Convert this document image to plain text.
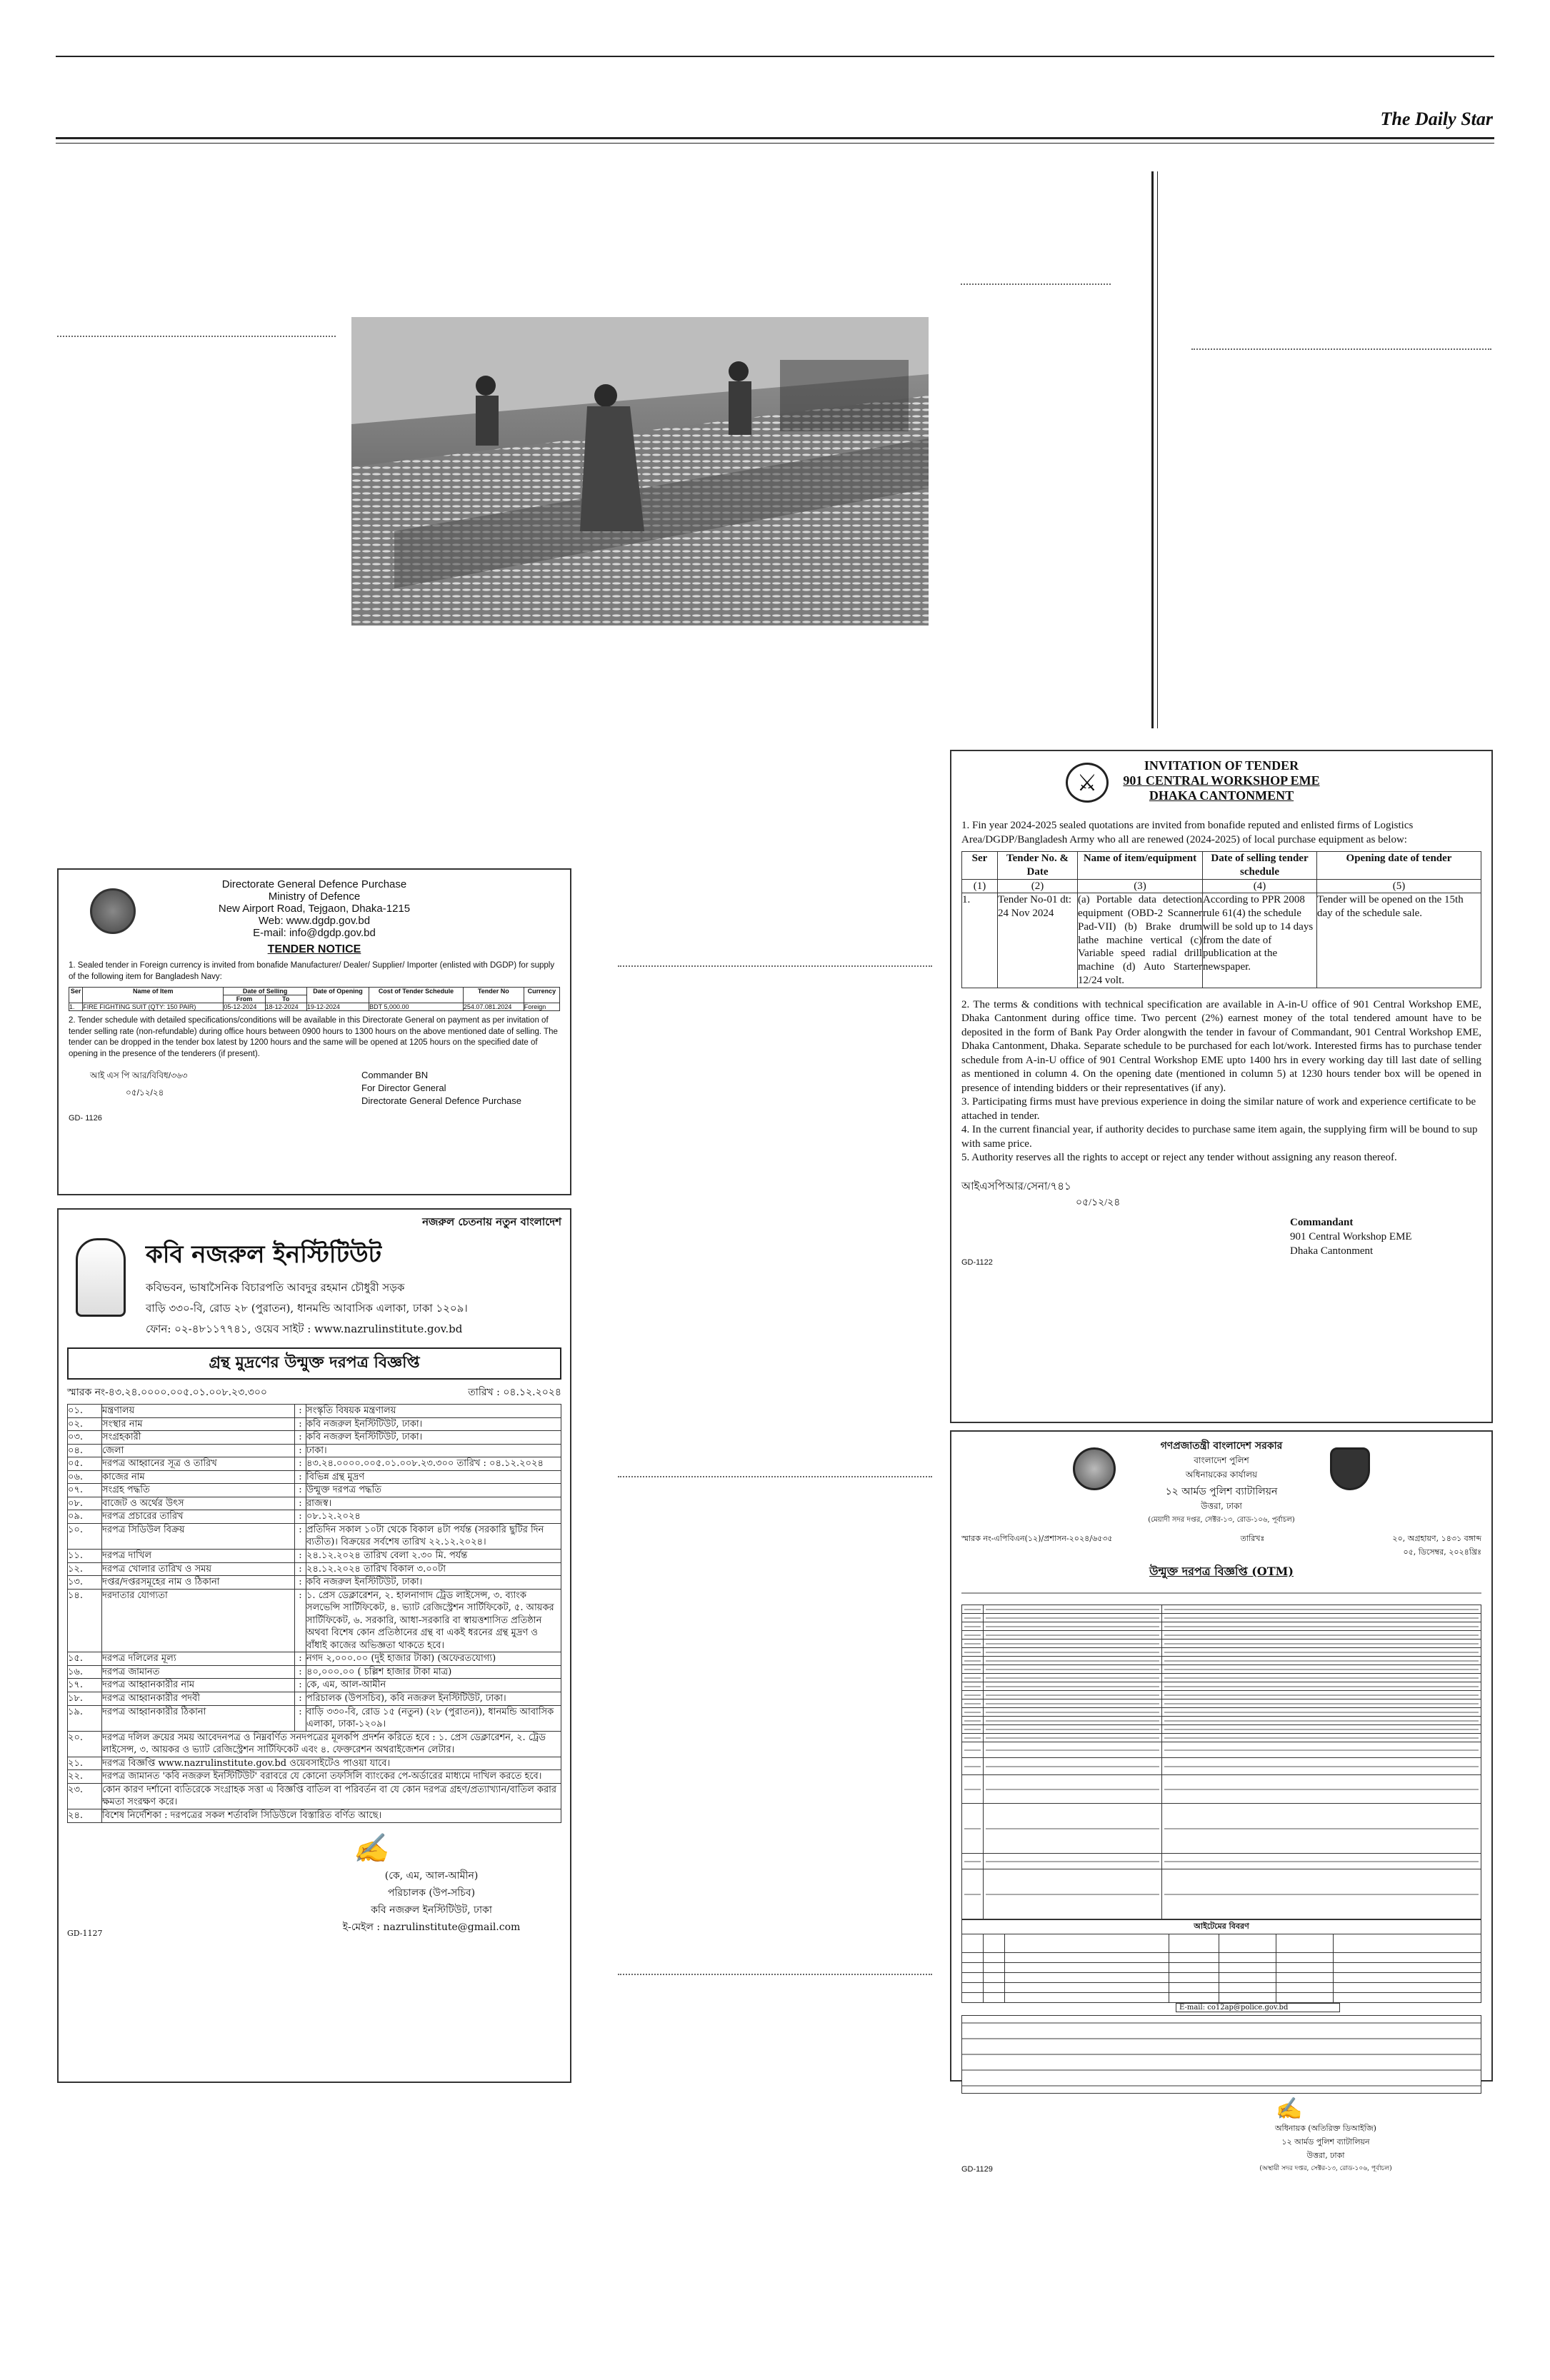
The Daily Star
Directorate General Defence Purchase
Ministry of Defence
New Airport Road, Tejgaon, Dhaka-1215
Web: www.dgdp.gov.bd
E-mail: info@dgdp.gov.bd
TENDER NOTICE
1. Sealed tender in Foreign currency is invited from bonafide Manufacturer/ Dealer/ Supplier/ Importer (enlisted with DGDP) for supply of the following item for Bangladesh Navy:
Ser	Name of Item	Date of Selling		Date of Opening	Cost of Tender Schedule	Tender No	Currency
		From	To				
1.	FIRE FIGHTING SUIT (QTY: 150 PAIR)	05-12-2024	18-12-2024	19-12-2024	BDT 5,000.00	254.07.081.2024	Foreign
2. Tender schedule with detailed specifications/conditions will be available in this Directorate General on payment as per invitation of tender selling rate (non-refundable) during office hours between 0900 hours to 1300 hours on the above mentioned date of selling. The tender can be dropped in the tender box latest by 1200 hours and the same will be opened at 1205 hours on the specified date of opening in the presence of the tenderers (if present).
আই এস পি আর/বিবিধ/৩৬৩
০৫/১২/২৪
Commander BN
For Director General
Directorate General Defence Purchase
GD- 1126
নজরুল চেতনায় নতুন বাংলাদেশ
কবি নজরুল ইনস্টিটিউট
কবিভবন, ভাষাসৈনিক বিচারপতি আবদুর রহমান চৌধুরী সড়ক
বাড়ি ৩৩০-বি, রোড ২৮ (পুরাতন), ধানমন্ডি আবাসিক এলাকা, ঢাকা ১২০৯।
ফোন: ০২-৪৮১১৭৭৪১, ওয়েব সাইট : www.nazrulinstitute.gov.bd
গ্রন্থ মুদ্রণের উন্মুক্ত দরপত্র বিজ্ঞপ্তি
স্মারক নং-৪৩.২৪.০০০০.০০৫.০১.০০৮.২৩.৩০০	তারিখ : ০৪.১২.২০২৪
০১.	মন্ত্রণালয়	:	সংস্কৃতি বিষয়ক মন্ত্রণালয়
০২.	সংস্থার নাম	:	কবি নজরুল ইনস্টিটিউট, ঢাকা।
০৩.	সংগ্রহকারী	:	কবি নজরুল ইনস্টিটিউট, ঢাকা।
০৪.	জেলা	:	ঢাকা।
০৫.	দরপত্র আহ্বানের সূত্র ও তারিখ	:	৪৩.২৪.০০০০.০০৫.০১.০০৮.২৩.৩০০ তারিখ : ০৪.১২.২০২৪
০৬.	কাজের নাম	:	বিভিন্ন গ্রন্থ মুদ্রণ
০৭.	সংগ্রহ পদ্ধতি	:	উন্মুক্ত দরপত্র পদ্ধতি
০৮.	বাজেট ও অর্থের উৎস	:	রাজস্ব।
০৯.	দরপত্র প্রচারের তারিখ	:	০৮.১২.২০২৪
১০.	দরপত্র সিডিউল বিক্রয়	:	প্রতিদিন সকাল ১০টা থেকে বিকাল ৪টা পর্যন্ত (সরকারি ছুটির দিন ব্যতীত)। বিক্রয়ের সর্বশেষ তারিখ ২২.১২.২০২৪।
১১.	দরপত্র দাখিল	:	২৪.১২.২০২৪ তারিখ বেলা ২.৩০ মি. পর্যন্ত
১২.	দরপত্র খোলার তারিখ ও সময়	:	২৪.১২.২০২৪ তারিখ বিকাল ৩.০০টা
১৩.	দপ্তর/দপ্তরসমূহের নাম ও ঠিকানা	:	কবি নজরুল ইনস্টিটিউট, ঢাকা।
১৪.	দরদাতার যোগ্যতা	:	১. প্রেস ডেক্লারেশন, ২. হালনাগাদ ট্রেড লাইসেন্স, ৩. ব্যাংক সলভেন্সি সার্টিফিকেট, ৪. ভ্যাট রেজিস্ট্রেশন সার্টিফিকেট, ৫. আয়কর সার্টিফিকেট, ৬. সরকারি, আধা-সরকারি বা স্বায়ত্তশাসিত প্রতিষ্ঠান অথবা বিশেষ কোন প্রতিষ্ঠানের গ্রন্থ বা একই ধরনের গ্রন্থ মুদ্রণ ও বাঁধাই কাজের অভিজ্ঞতা থাকতে হবে।
১৫.	দরপত্র দলিলের মূল্য	:	নগদ ২,০০০.০০ (দুই হাজার টাকা) (অফেরতযোগ্য)
১৬.	দরপত্র জামানত	:	৪০,০০০.০০ ( চল্লিশ হাজার টাকা মাত্র)
১৭.	দরপত্র আহ্বানকারীর নাম	:	কে, এম, আল-আমীন
১৮.	দরপত্র আহ্বানকারীর পদবী	:	পরিচালক (উপসচিব), কবি নজরুল ইনস্টিটিউট, ঢাকা।
১৯.	দরপত্র আহ্বানকারীর ঠিকানা	:	বাড়ি ৩৩০-বি, রোড ১৫ (নতুন) (২৮ (পুরাতন)), ধানমন্ডি আবাসিক এলাকা, ঢাকা-১২০৯।
২০.	দরপত্র দলিল ক্রয়ের সময় আবেদনপত্র ও নিম্নবর্ণিত সনদপত্রের মূলকপি প্রদর্শন করিতে হবে : ১. প্রেস ডেক্লারেশন, ২. ট্রেড লাইসেন্স, ৩. আয়কর ও ভ্যাট রেজিস্ট্রেশন সার্টিফিকেট এবং ৪. ফেক্তরেশন অথরাইজেশন লেটার।		
২১.	দরপত্র বিজ্ঞপ্তি www.nazrulinstitute.gov.bd ওয়েবসাইটেও পাওয়া যাবে।		
২২.	দরপত্র জামানত 'কবি নজরুল ইনস্টিটিউট' বরাবরে যে কোনো তফসিলি ব্যাংকের পে-অর্ডারের মাধ্যমে দাখিল করতে হবে।		
২৩.	কোন কারণ দর্শানো ব্যতিরেকে সংগ্রাহক সত্তা এ বিজ্ঞপ্তি বাতিল বা পরিবর্তন বা যে কোন দরপত্র গ্রহণ/প্রত্যাখ্যান/বাতিল করার ক্ষমতা সংরক্ষণ করে।		
২৪.	বিশেষ নির্দেশিকা : দরপত্রের সকল শর্তাবলি সিডিউলে বিস্তারিত বর্ণিত আছে।		
✍
(কে, এম, আল-আমীন)
পরিচালক (উপ-সচিব)
কবি নজরুল ইনস্টিটিউট, ঢাকা
ই-মেইল : nazrulinstitute@gmail.com
GD-1127
⚔
INVITATION OF TENDER
901 CENTRAL WORKSHOP EME
DHAKA CANTONMENT
1. Fin year 2024-2025 sealed quotations are invited from bonafide reputed and enlisted firms of Logistics Area/DGDP/Bangladesh Army who all are renewed (2024-2025) of local purchase equipment as below:
Ser	Tender No. & Date	Name of item/equipment	Date of selling tender schedule	Opening date of tender
(1)	(2)	(3)	(4)	(5)
1.	Tender No-01 dt: 24 Nov 2024	(a) Portable data detection equipment (OBD-2 Scanner Pad-VII) (b) Brake drum lathe machine vertical (c) Variable speed radial drill machine (d) Auto Starter 12/24 volt.	According to PPR 2008 rule 61(4) the schedule will be sold up to 14 days from the date of publication at the newspaper.	Tender will be opened on the 15th day of the schedule sale.
2. The terms & conditions with technical specification are available in A-in-U office of 901 Central Workshop EME, Dhaka Cantonment during office time. Two percent (2%) earnest money of the total tendered amount have to be deposited in the form of Bank Pay Order alongwith the tender in favour of Commandant, 901 Central Workshop EME, Dhaka Cantonment, Dhaka. Separate schedule to be purchased for each lot/work. Interested firms has to purchase tender schedule from A-in-U office of 901 Central Workshop EME upto 1400 hrs in every working day till last date of selling as mentioned in column 4. On the opening date (mentioned in column 5) at 1230 hours tender box will be opened in presence of intending bidders or their representatives (if any).
3. Participating firms must have previous experience in doing the similar nature of work and experience certificate to be attached in tender.
4. In the current financial year, if authority decides to purchase same item again, the supplying firm will be bound to sup with same price.
5. Authority reserves all the rights to accept or reject any tender without assigning any reason thereof.
আইএসপিআর/সেনা/৭৪১
০৫/১২/২৪
Commandant
901 Central Workshop EME
Dhaka Cantonment
GD-1122
গণপ্রজাতন্ত্রী বাংলাদেশ সরকার
বাংলাদেশ পুলিশ
অধিনায়কের কার্যালয়
১২ আর্মড পুলিশ ব্যাটালিয়ন
উত্তরা, ঢাকা
(মেয়াদী সদর দপ্তর, সেক্টর-১৩, রোড-১০৬, পূর্বাচল)
স্মারক নং-এপিবিএন(১২)/প্রশাসন-২০২৪/৬৫৩৫	তারিখঃ	২০, অগ্রহায়ণ, ১৪৩১ বঙ্গাব্দ
০৫, ডিসেম্বর, ২০২৪খ্রিঃ
উন্মুক্ত দরপত্র বিজ্ঞপ্তি (OTM)

আইটেমের বিবরণ

E-mail: co12ap@police.gov.bd
✍
অধিনায়ক (অতিরিক্ত ডিআইজি)
১২ আর্মড পুলিশ ব্যাটালিয়ন
উত্তরা, ঢাকা
(অস্থায়ী সদর দপ্তর, সেক্টর-১৩, রোড-১০৬, পূর্বাচল)
GD-1129
